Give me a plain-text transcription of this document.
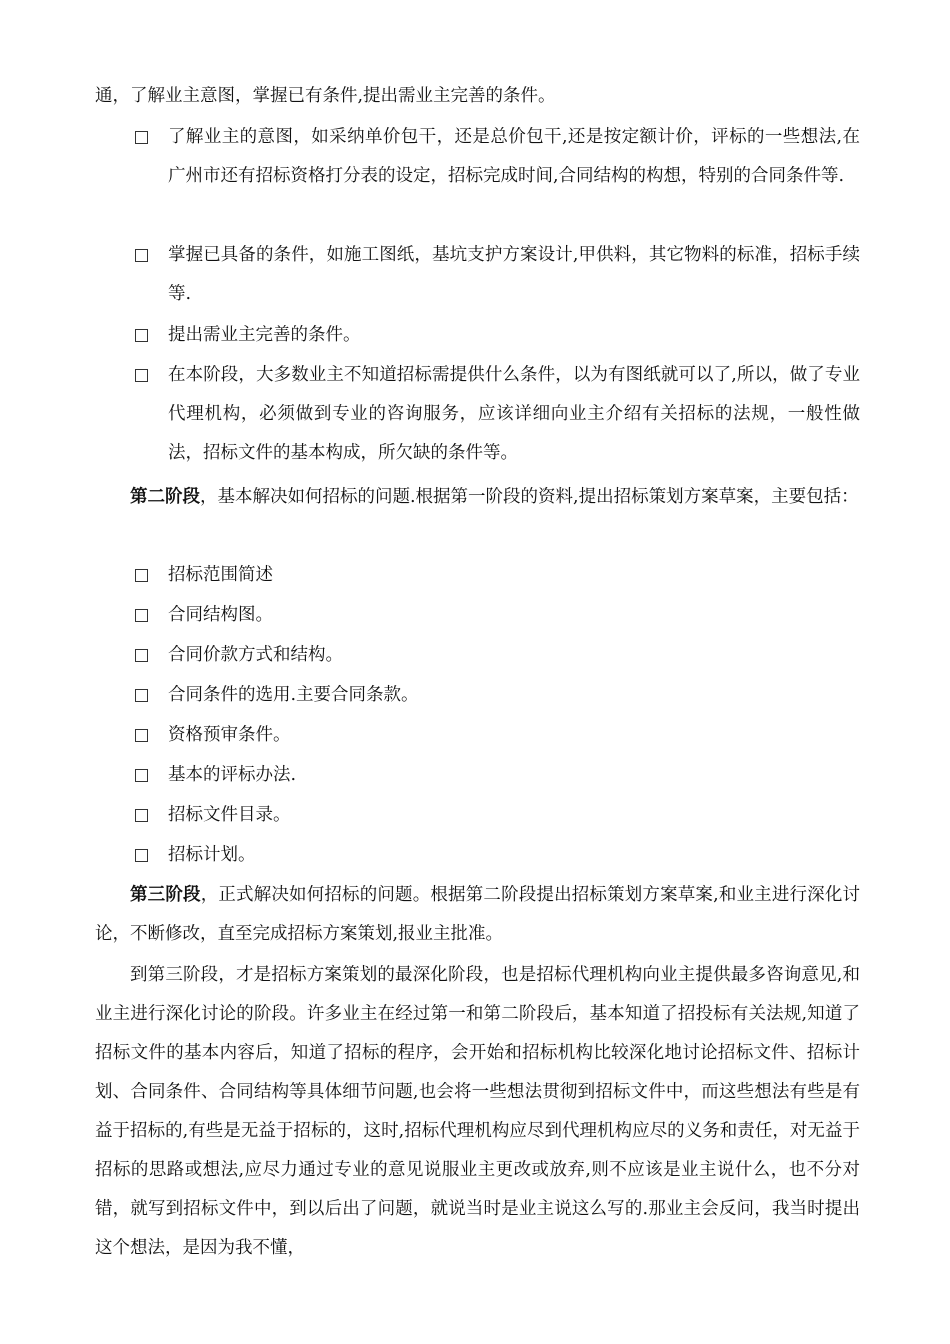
通，了解业主意图，掌握已有条件,提出需业主完善的条件。
了解业主的意图，如采纳单价包干，还是总价包干,还是按定额计价，评标的一些想法,在广州市还有招标资格打分表的设定，招标完成时间,合同结构的构想，特别的合同条件等.
掌握已具备的条件，如施工图纸，基坑支护方案设计,甲供料，其它物料的标准，招标手续等.
提出需业主完善的条件。
在本阶段，大多数业主不知道招标需提供什么条件，以为有图纸就可以了,所以，做了专业代理机构，必须做到专业的咨询服务，应该详细向业主介绍有关招标的法规，一般性做法，招标文件的基本构成，所欠缺的条件等。
第二阶段，基本解决如何招标的问题.根据第一阶段的资料,提出招标策划方案草案，主要包括：
招标范围简述
合同结构图。
合同价款方式和结构。
合同条件的选用.主要合同条款。
资格预审条件。
基本的评标办法.
招标文件目录。
招标计划。
第三阶段，正式解决如何招标的问题。根据第二阶段提出招标策划方案草案,和业主进行深化讨论，不断修改，直至完成招标方案策划,报业主批准。
到第三阶段，才是招标方案策划的最深化阶段，也是招标代理机构向业主提供最多咨询意见,和业主进行深化讨论的阶段。许多业主在经过第一和第二阶段后，基本知道了招投标有关法规,知道了招标文件的基本内容后，知道了招标的程序，会开始和招标机构比较深化地讨论招标文件、招标计划、合同条件、合同结构等具体细节问题,也会将一些想法贯彻到招标文件中，而这些想法有些是有益于招标的,有些是无益于招标的，这时,招标代理机构应尽到代理机构应尽的义务和责任，对无益于招标的思路或想法,应尽力通过专业的意见说服业主更改或放弃,则不应该是业主说什么，也不分对错，就写到招标文件中，到以后出了问题，就说当时是业主说这么写的.那业主会反问，我当时提出这个想法，是因为我不懂，
